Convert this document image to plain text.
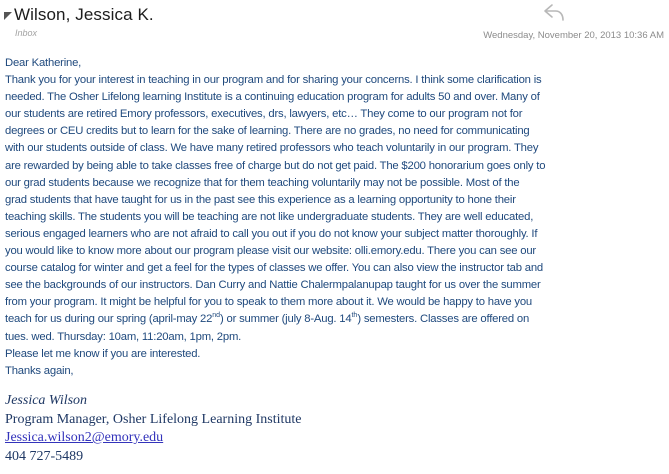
Wilson, Jessica K.
Inbox	Wednesday, November 20, 2013 10:36 AM
Dear Katherine,
Thank you for your interest in teaching in our program and for sharing your concerns. I think some clarification is
needed. The Osher Lifelong learning Institute is a continuing education program for adults 50 and over. Many of
our students are retired Emory professors, executives, drs, lawyers, etc… They come to our program not for
degrees or CEU credits but to learn for the sake of learning. There are no grades, no need for communicating
with our students outside of class. We have many retired professors who teach voluntarily in our program. They
are rewarded by being able to take classes free of charge but do not get paid. The $200 honorarium goes only to
our grad students because we recognize that for them teaching voluntarily may not be possible. Most of the
grad students that have taught for us in the past see this experience as a learning opportunity to hone their
teaching skills. The students you will be teaching are not like undergraduate students. They are well educated,
serious engaged learners who are not afraid to call you out if you do not know your subject matter thoroughly. If
you would like to know more about our program please visit our website: olli.emory.edu. There you can see our
course catalog for winter and get a feel for the types of classes we offer. You can also view the instructor tab and
see the backgrounds of our instructors. Dan Curry and Nattie Chalermpalanupap taught for us over the summer
from your program. It might be helpful for you to speak to them more about it. We would be happy to have you
teach for us during our spring (april-may 22nd) or summer (july 8-Aug. 14th) semesters. Classes are offered on
tues. wed. Thursday: 10am, 11:20am, 1pm, 2pm.
Please let me know if you are interested.
Thanks again,
Jessica Wilson
Program Manager, Osher Lifelong Learning Institute
Jessica.wilson2@emory.edu
404 727-5489
